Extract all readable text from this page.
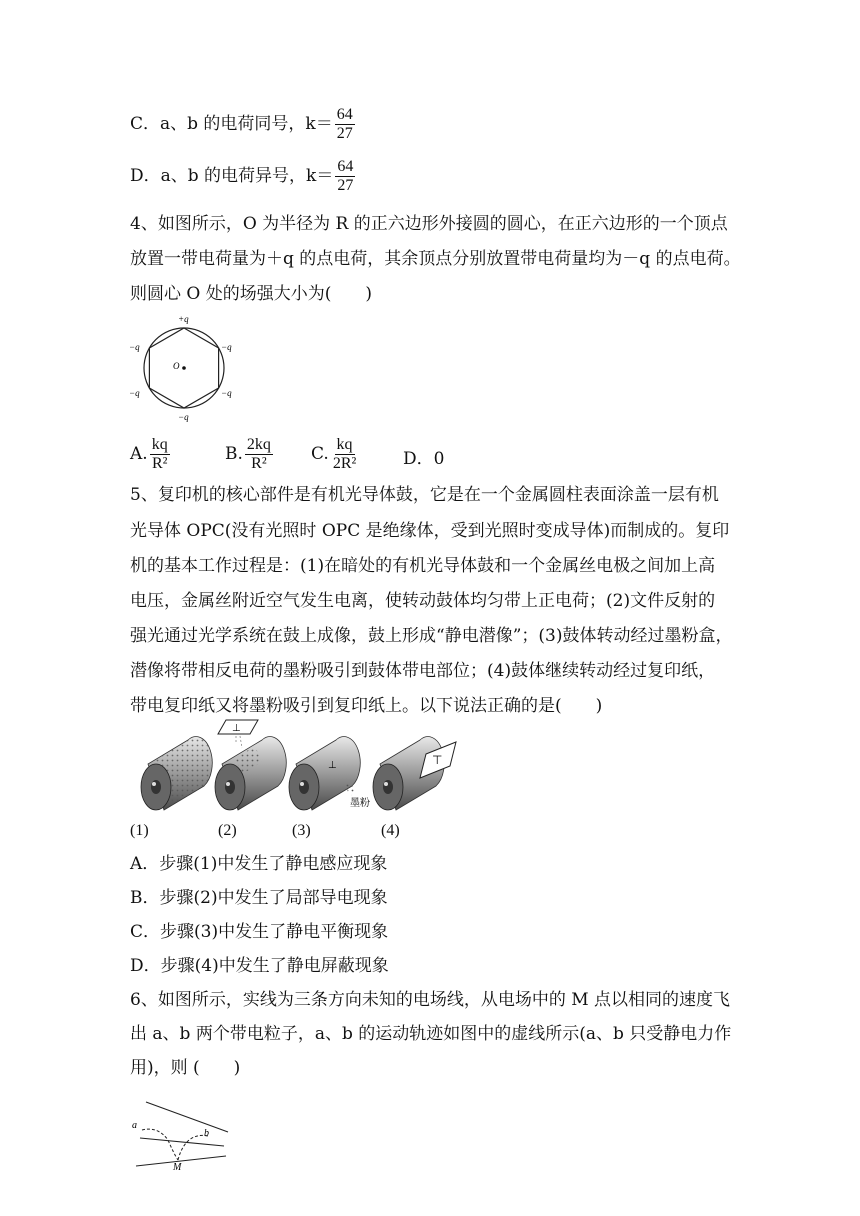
C．a、b 的电荷同号，$k= \frac{64}{27}$
D．a、b 的电荷异号，$k= \frac{64}{27}$
4、如图所示，O 为半径为 R 的正六边形外接圆的圆心，在正六边形的一个顶点
放置一带电荷量为＋q 的点电荷，其余顶点分别放置带电荷量均为－q 的点电荷。
则圆心 O 处的场强大小为(　　)
+q
−q	−q
−q	−q
−q
O
A. $\frac{kq}{\text{R²}}$	B. $\frac{2kq}{\text{R²}} C$. $\frac{kq}{\text{2R²}}$	D．0
5、复印机的核心部件是有机光导体鼓，它是在一个金属圆柱表面涂盖一层有机
光导体 OPC(没有光照时 OPC 是绝缘体，受到光照时变成导体)而制成的。复印
机的基本工作过程是：(1)在暗处的有机光导体鼓和一个金属丝电极之间加上高
电压，金属丝附近空气发生电离，使转动鼓体均匀带上正电荷；(2)文件反射的
强光通过光学系统在鼓上成像，鼓上形成“静电潜像”；(3)鼓体转动经过墨粉盒，
潜像将带相反电荷的墨粉吸引到鼓体带电部位；(4)鼓体继续转动经过复印纸，
带电复印纸又将墨粉吸引到复印纸上。以下说法正确的是(　　)
⊥
⊥
墨粉
⊤
(1)	(2)	(3)	(4)
A．步骤(1)中发生了静电感应现象
B．步骤(2)中发生了局部导电现象
C．步骤(3)中发生了静电平衡现象
D．步骤(4)中发生了静电屏蔽现象
6、如图所示，实线为三条方向未知的电场线，从电场中的 M 点以相同的速度飞
出 a、b 两个带电粒子，a、b 的运动轨迹如图中的虚线所示(a、b 只受静电力作
用)，则 (　　)
a
b
M
